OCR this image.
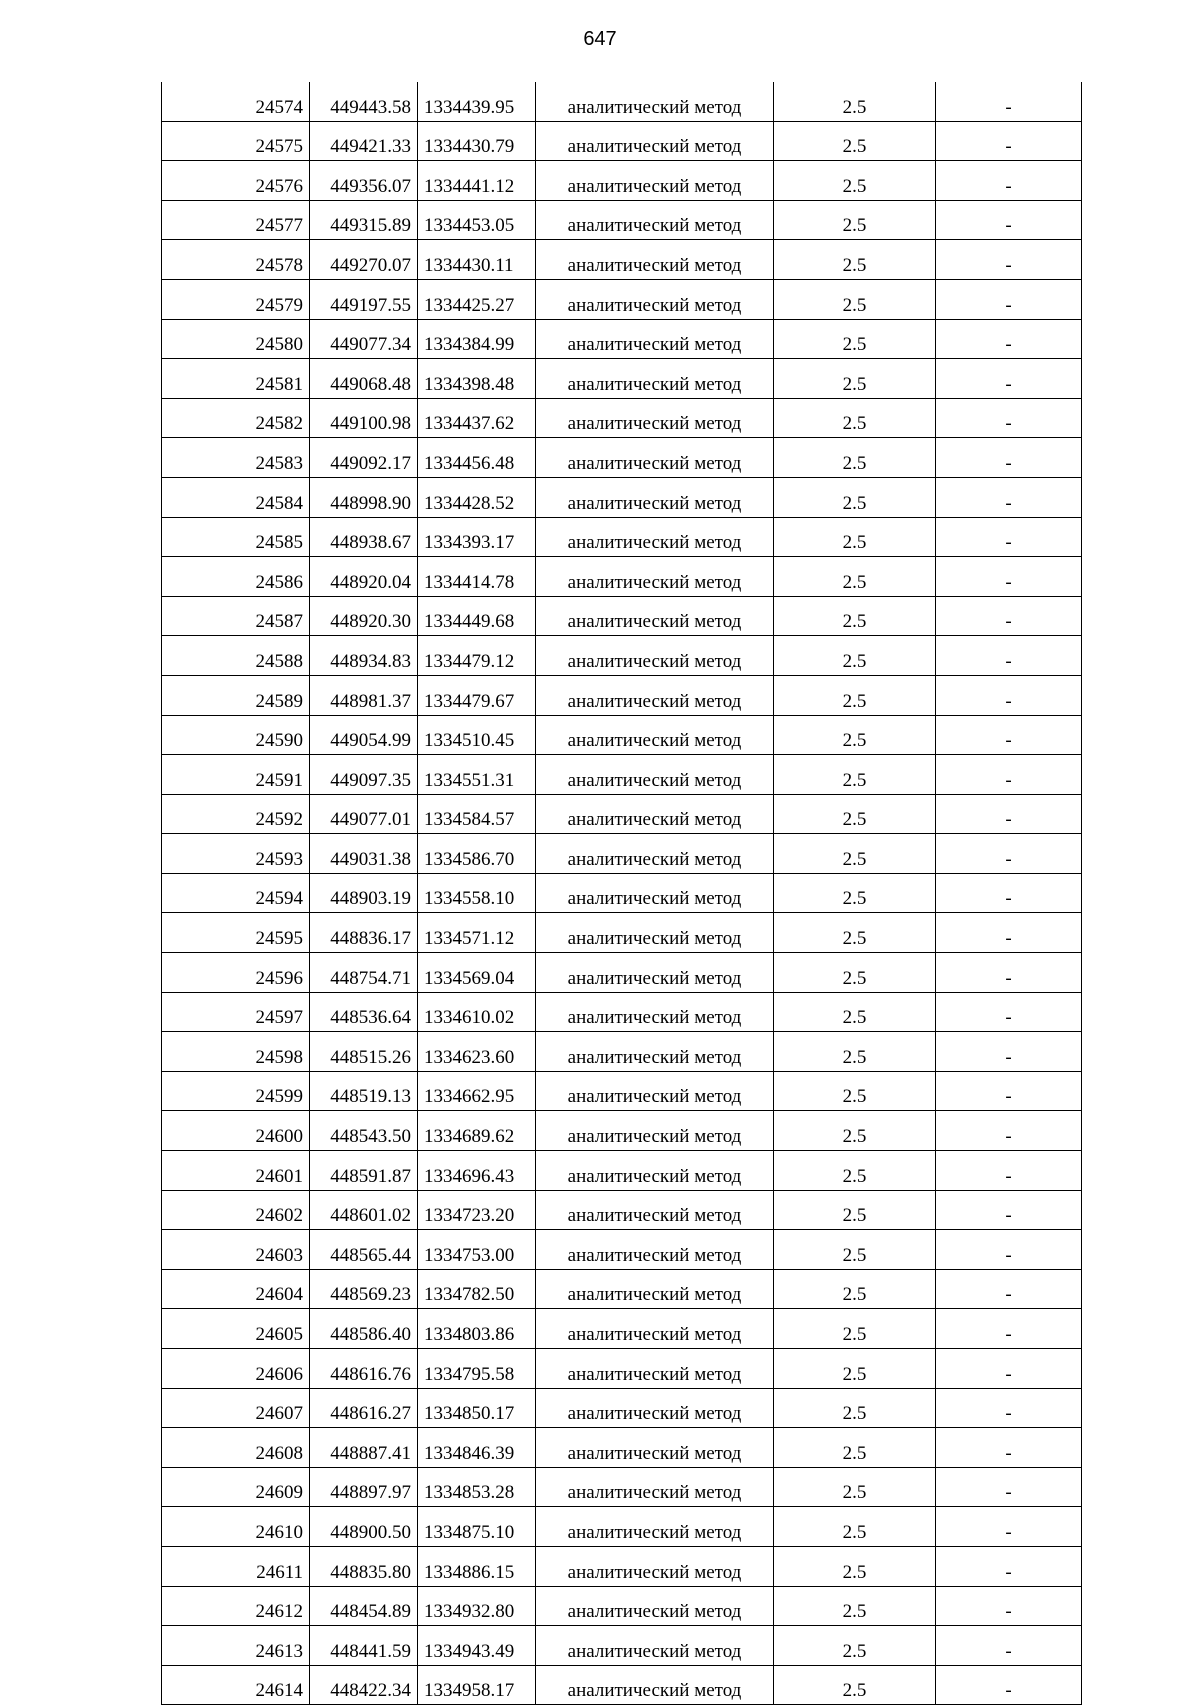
647
24574	449443.58	1334439.95	аналитический метод	2.5	-
24575	449421.33	1334430.79	аналитический метод	2.5	-
24576	449356.07	1334441.12	аналитический метод	2.5	-
24577	449315.89	1334453.05	аналитический метод	2.5	-
24578	449270.07	1334430.11	аналитический метод	2.5	-
24579	449197.55	1334425.27	аналитический метод	2.5	-
24580	449077.34	1334384.99	аналитический метод	2.5	-
24581	449068.48	1334398.48	аналитический метод	2.5	-
24582	449100.98	1334437.62	аналитический метод	2.5	-
24583	449092.17	1334456.48	аналитический метод	2.5	-
24584	448998.90	1334428.52	аналитический метод	2.5	-
24585	448938.67	1334393.17	аналитический метод	2.5	-
24586	448920.04	1334414.78	аналитический метод	2.5	-
24587	448920.30	1334449.68	аналитический метод	2.5	-
24588	448934.83	1334479.12	аналитический метод	2.5	-
24589	448981.37	1334479.67	аналитический метод	2.5	-
24590	449054.99	1334510.45	аналитический метод	2.5	-
24591	449097.35	1334551.31	аналитический метод	2.5	-
24592	449077.01	1334584.57	аналитический метод	2.5	-
24593	449031.38	1334586.70	аналитический метод	2.5	-
24594	448903.19	1334558.10	аналитический метод	2.5	-
24595	448836.17	1334571.12	аналитический метод	2.5	-
24596	448754.71	1334569.04	аналитический метод	2.5	-
24597	448536.64	1334610.02	аналитический метод	2.5	-
24598	448515.26	1334623.60	аналитический метод	2.5	-
24599	448519.13	1334662.95	аналитический метод	2.5	-
24600	448543.50	1334689.62	аналитический метод	2.5	-
24601	448591.87	1334696.43	аналитический метод	2.5	-
24602	448601.02	1334723.20	аналитический метод	2.5	-
24603	448565.44	1334753.00	аналитический метод	2.5	-
24604	448569.23	1334782.50	аналитический метод	2.5	-
24605	448586.40	1334803.86	аналитический метод	2.5	-
24606	448616.76	1334795.58	аналитический метод	2.5	-
24607	448616.27	1334850.17	аналитический метод	2.5	-
24608	448887.41	1334846.39	аналитический метод	2.5	-
24609	448897.97	1334853.28	аналитический метод	2.5	-
24610	448900.50	1334875.10	аналитический метод	2.5	-
24611	448835.80	1334886.15	аналитический метод	2.5	-
24612	448454.89	1334932.80	аналитический метод	2.5	-
24613	448441.59	1334943.49	аналитический метод	2.5	-
24614	448422.34	1334958.17	аналитический метод	2.5	-
